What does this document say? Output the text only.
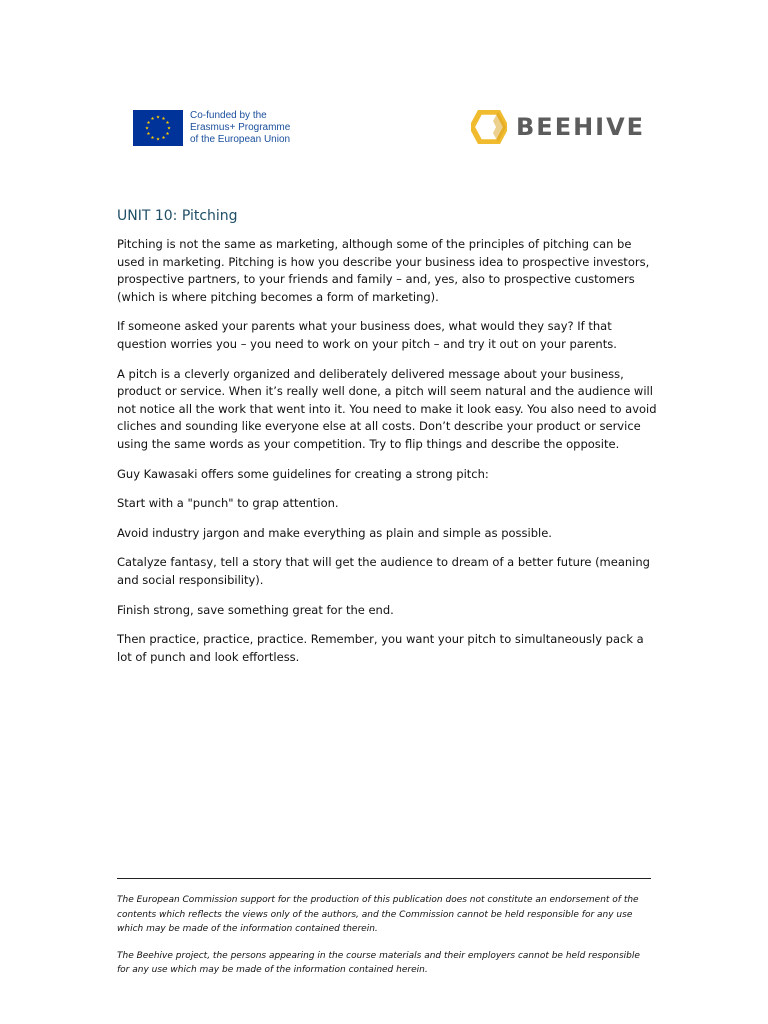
Co-funded by the
Erasmus+ Programme
of the European Union	BEEHIVE
UNIT 10: Pitching

Pitching is not the same as marketing, although some of the principles of pitching can be used in marketing. Pitching is how you describe your business idea to prospective investors, prospective partners, to your friends and family – and, yes, also to prospective customers (which is where pitching becomes a form of marketing).

If someone asked your parents what your business does, what would they say? If that question worries you – you need to work on your pitch – and try it out on your parents.

A pitch is a cleverly organized and deliberately delivered message about your business, product or service. When it’s really well done, a pitch will seem natural and the audience will not notice all the work that went into it. You need to make it look easy. You also need to avoid cliches and sounding like everyone else at all costs. Don’t describe your product or service using the same words as your competition. Try to flip things and describe the opposite.

Guy Kawasaki offers some guidelines for creating a strong pitch:

Start with a "punch" to grap attention.

Avoid industry jargon and make everything as plain and simple as possible.

Catalyze fantasy, tell a story that will get the audience to dream of a better future (meaning and social responsibility).

Finish strong, save something great for the end.

Then practice, practice, practice. Remember, you want your pitch to simultaneously pack a lot of punch and look effortless.

The European Commission support for the production of this publication does not constitute an endorsement of the contents which reflects the views only of the authors, and the Commission cannot be held responsible for any use which may be made of the information contained therein.

The Beehive project, the persons appearing in the course materials and their employers cannot be held responsible for any use which may be made of the information contained herein.
